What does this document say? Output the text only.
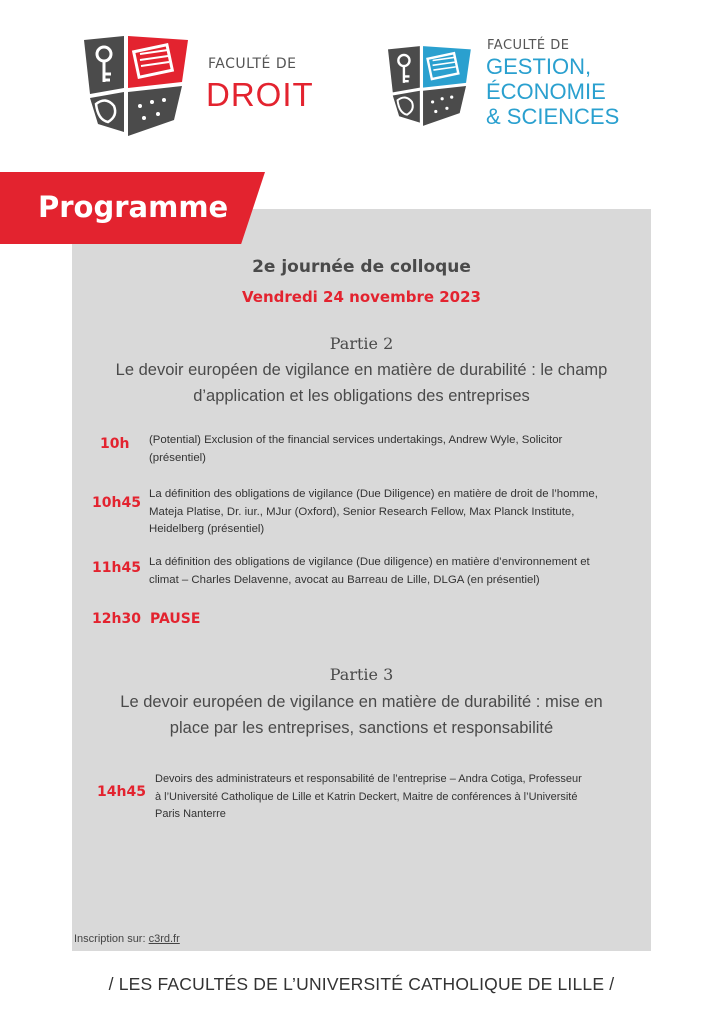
FACULTÉ DE
DROIT
FACULTÉ DE
GESTION,
ÉCONOMIE
& SCIENCES
Programme
2e journée de colloque
Vendredi 24 novembre 2023
Partie 2
Le devoir européen de vigilance en matière de durabilité : le champ
d’application et les obligations des entreprises
10h (Potential) Exclusion of the financial services undertakings, Andrew Wyle, Solicitor
(présentiel)
10h45
La définition des obligations de vigilance (Due Diligence) en matière de droit de l’homme,
Mateja Platise, Dr. iur., MJur (Oxford), Senior Research Fellow, Max Planck Institute,
Heidelberg (présentiel)
11h45 La définition des obligations de vigilance (Due diligence) en matière d’environnement et
climat – Charles Delavenne, avocat au Barreau de Lille, DLGA (en présentiel)
12h30 PAUSE
Partie 3
Le devoir européen de vigilance en matière de durabilité : mise en
place par les entreprises, sanctions et responsabilité
14h45
Devoirs des administrateurs et responsabilité de l’entreprise – Andra Cotiga, Professeur
à l’Université Catholique de Lille et Katrin Deckert, Maitre de conférences à l’Université
Paris Nanterre
Inscription sur: c3rd.fr
/ LES FACULTÉS DE L’UNIVERSITÉ CATHOLIQUE DE LILLE /
